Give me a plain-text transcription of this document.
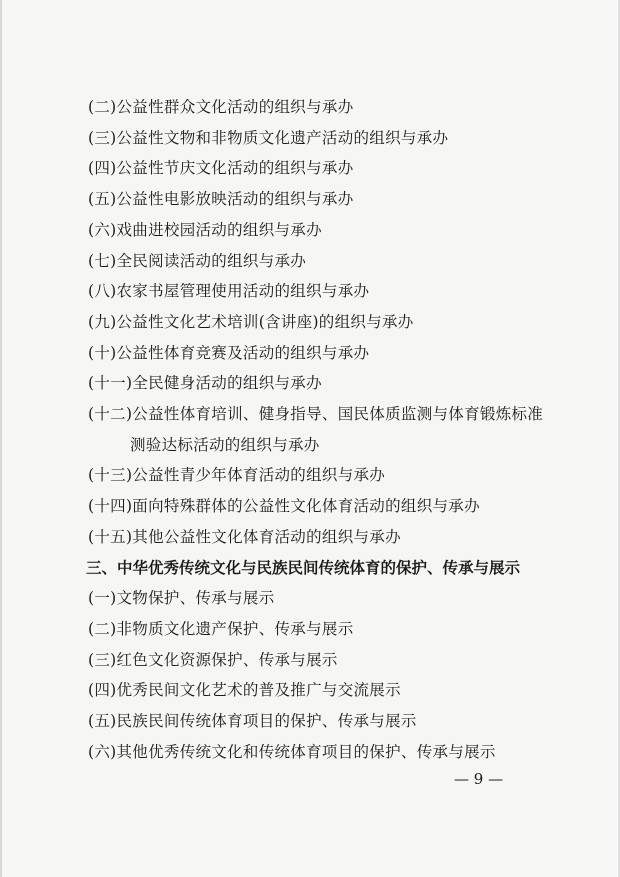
(二)公益性群众文化活动的组织与承办
(三)公益性文物和非物质文化遗产活动的组织与承办
(四)公益性节庆文化活动的组织与承办
(五)公益性电影放映活动的组织与承办
(六)戏曲进校园活动的组织与承办
(七)全民阅读活动的组织与承办
(八)农家书屋管理使用活动的组织与承办
(九)公益性文化艺术培训(含讲座)的组织与承办
(十)公益性体育竞赛及活动的组织与承办
(十一)全民健身活动的组织与承办
(十二)公益性体育培训、健身指导、国民体质监测与体育锻炼标准
测验达标活动的组织与承办
(十三)公益性青少年体育活动的组织与承办
(十四)面向特殊群体的公益性文化体育活动的组织与承办
(十五)其他公益性文化体育活动的组织与承办
三、中华优秀传统文化与民族民间传统体育的保护、传承与展示
(一)文物保护、传承与展示
(二)非物质文化遗产保护、传承与展示
(三)红色文化资源保护、传承与展示
(四)优秀民间文化艺术的普及推广与交流展示
(五)民族民间传统体育项目的保护、传承与展示
(六)其他优秀传统文化和传统体育项目的保护、传承与展示
— 9 —
